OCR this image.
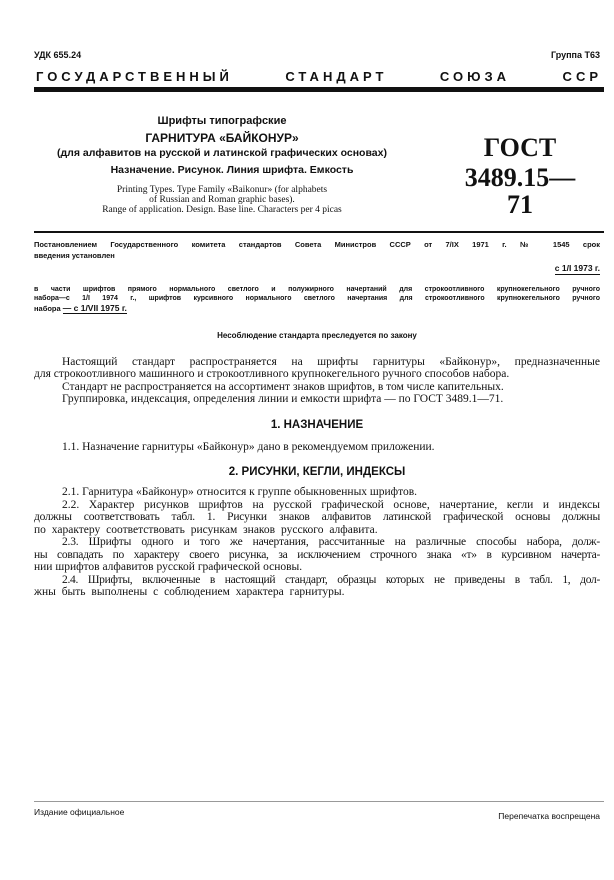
УДК 655.24	Группа Т63
ГОСУДАРСТВЕННЫЙ СТАНДАРТ СОЮЗА ССР
Шрифты типографские
ГАРНИТУРА «БАЙКОНУР»
(для алфавитов на русской и латинской графических основах)
Назначение. Рисунок. Линия шрифта. Емкость
Printing Types. Type Family «Baikonur» (for alphabets
of Russian and Roman graphic bases).
Range of application. Design. Base line. Characters per 4 picas
ГОСТ
3489.15—71
Постановлением Государственного комитета стандартов Совета Министров СССР от 7/IX 1971 г. № 1545 срок
введения установлен
с 1/I 1973 г.
в части шрифтов прямого нормального светлого и полужирного начертаний для строкоотливного крупнокегельного ручного
набора—с 1/I 1974 г., шрифтов курсивного нормального светлого начертания для строкоотливного крупнокегельного ручного
набора — с 1/VII 1975 г.
Несоблюдение стандарта преследуется по закону
Настоящий стандарт распространяется на шрифты гарнитуры «Байконур», предназначенные
для строкоотливного машинного и строкоотливного крупнокегельного ручного способов набора.
Стандарт не распространяется на ассортимент знаков шрифтов, в том числе капительных.
Группировка, индексация, определения линии и емкости шрифта — по ГОСТ 3489.1—71.
1. НАЗНАЧЕНИЕ
1.1. Назначение гарнитуры «Байконур» дано в рекомендуемом приложении.
2. РИСУНКИ, КЕГЛИ, ИНДЕКСЫ
2.1. Гарнитура «Байконур» относится к группе обыкновенных шрифтов.
2.2. Характер рисунков шрифтов на русской графической основе, начертание, кегли и индексы
должны соответствовать табл. 1. Рисунки знаков алфавитов латинской графической основы должны
по характеру соответствовать рисункам знаков русского алфавита.
2.3. Шрифты одного и того же начертания, рассчитанные на различные способы набора, долж-
ны совпадать по характеру своего рисунка, за исключением строчного знака «т» в курсивном начерта-
нии шрифтов алфавитов русской графической основы.
2.4. Шрифты, включенные в настоящий стандарт, образцы которых не приведены в табл. 1, дол-
жны быть выполнены с соблюдением характера гарнитуры.
Издание официальное	Перепечатка воспрещена
